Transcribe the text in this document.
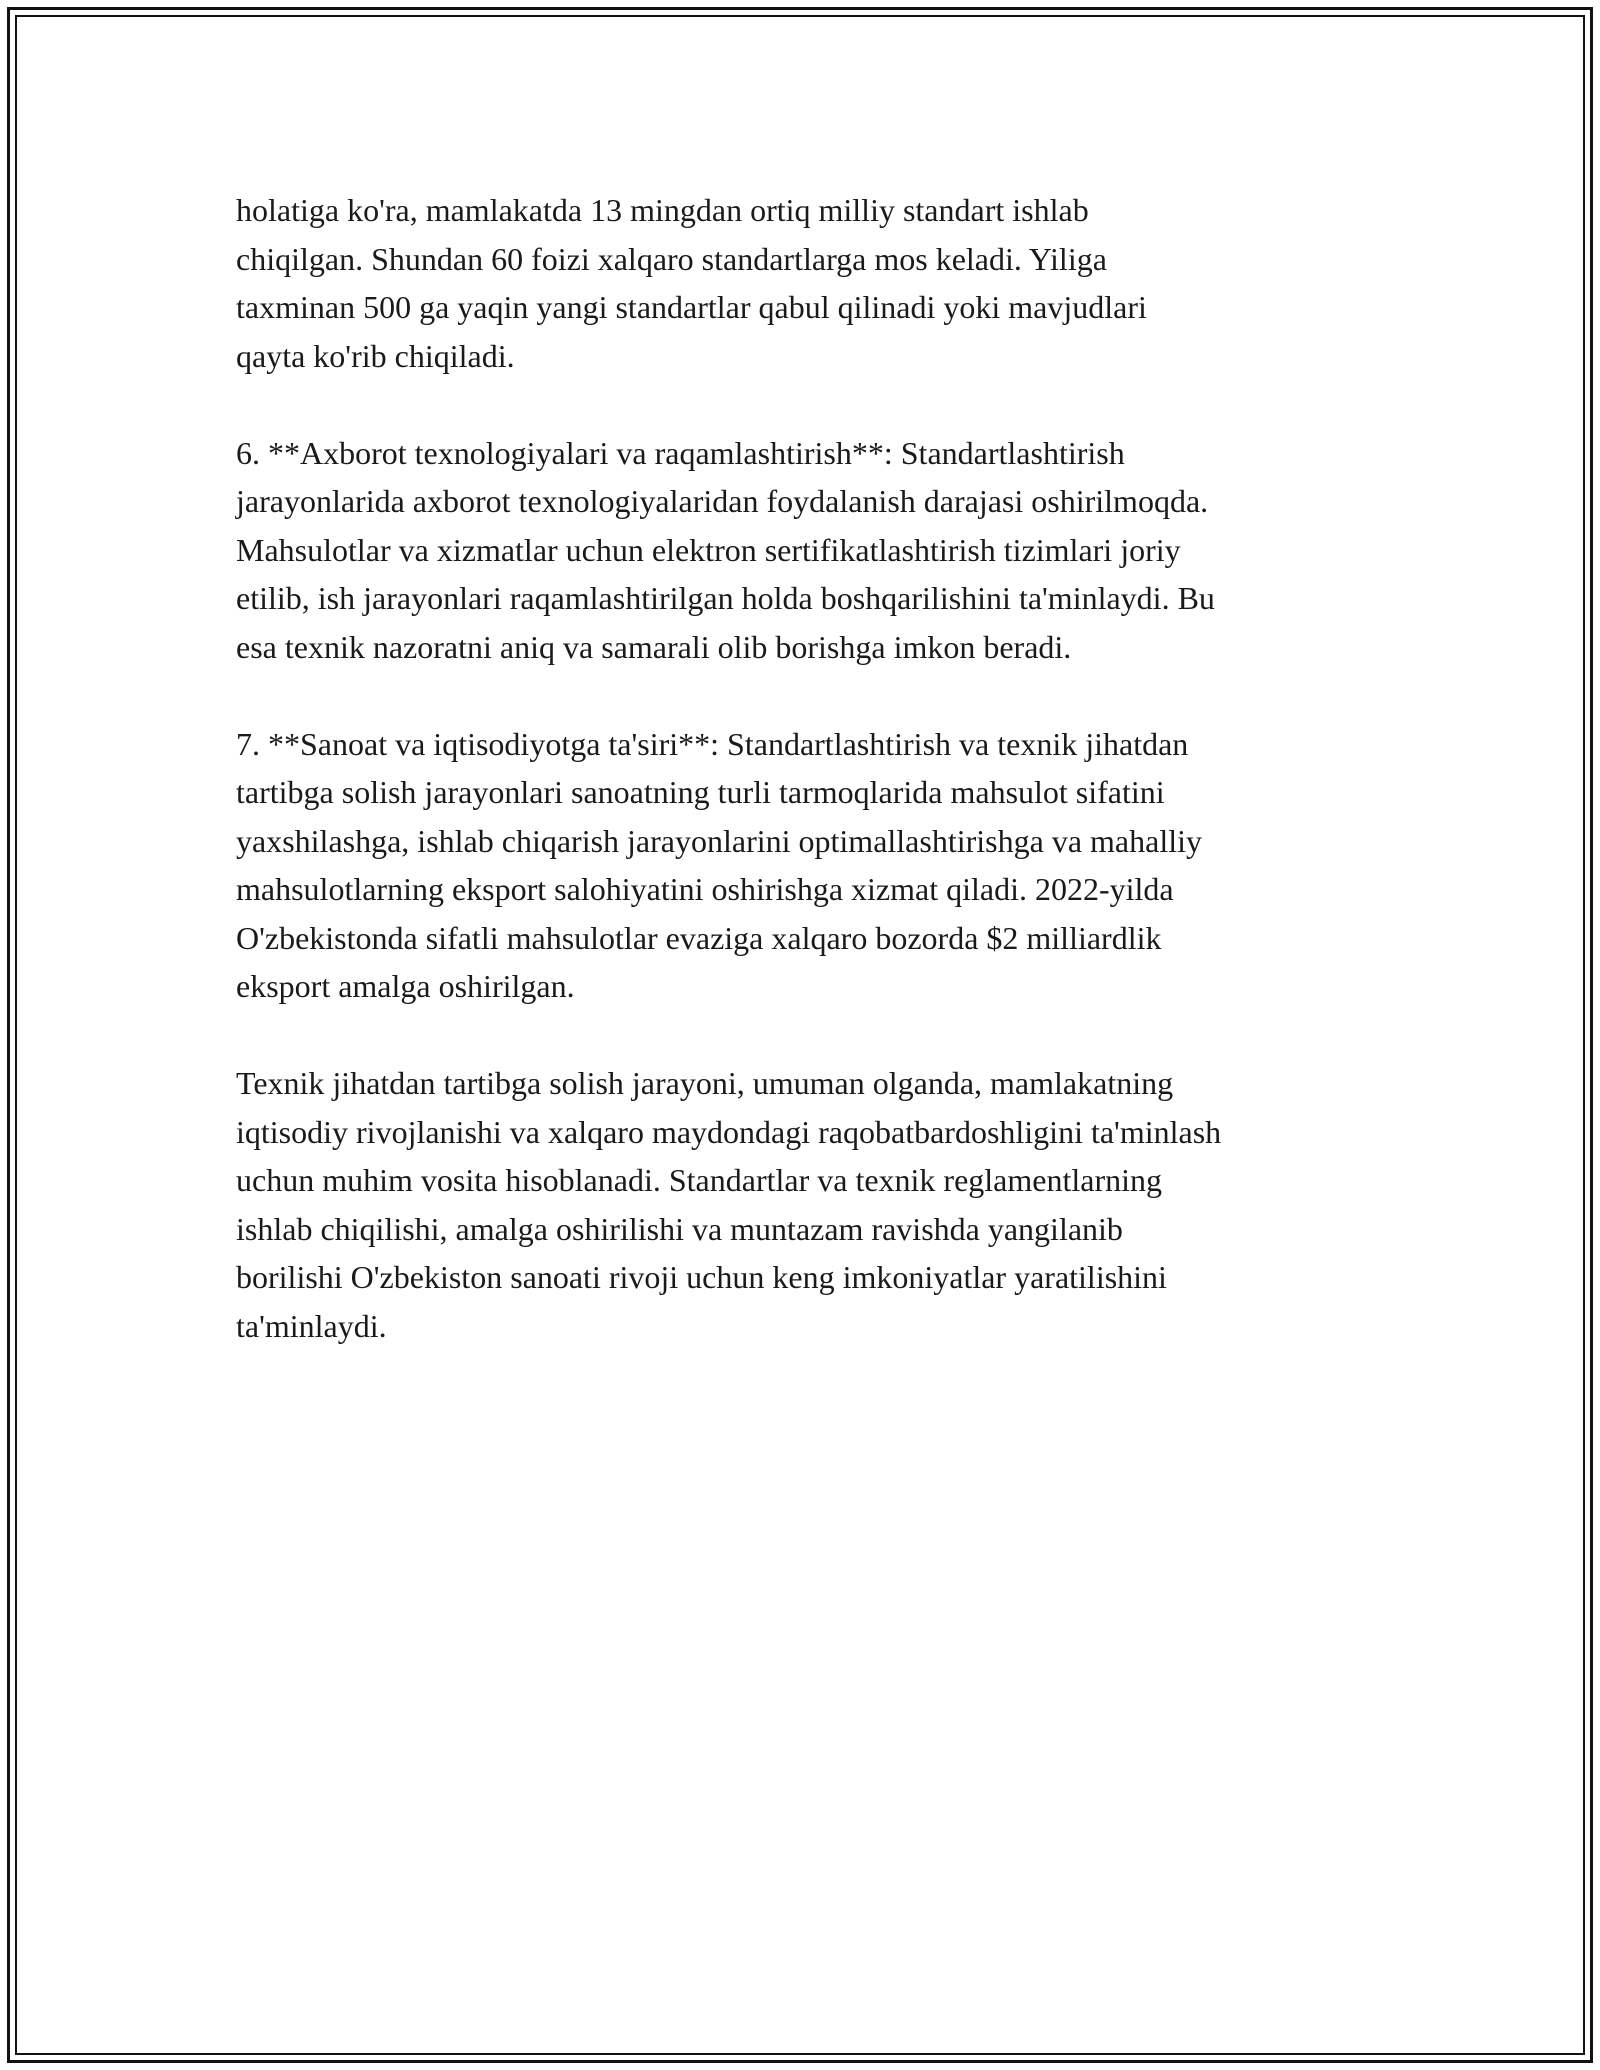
holatiga ko'ra, mamlakatda 13 mingdan ortiq milliy standart ishlab
chiqilgan. Shundan 60 foizi xalqaro standartlarga mos keladi. Yiliga
taxminan 500 ga yaqin yangi standartlar qabul qilinadi yoki mavjudlari
qayta ko'rib chiqiladi.

6. **Axborot texnologiyalari va raqamlashtirish**: Standartlashtirish
jarayonlarida axborot texnologiyalaridan foydalanish darajasi oshirilmoqda.
Mahsulotlar va xizmatlar uchun elektron sertifikatlashtirish tizimlari joriy
etilib, ish jarayonlari raqamlashtirilgan holda boshqarilishini ta'minlaydi. Bu
esa texnik nazoratni aniq va samarali olib borishga imkon beradi.

7. **Sanoat va iqtisodiyotga ta'siri**: Standartlashtirish va texnik jihatdan
tartibga solish jarayonlari sanoatning turli tarmoqlarida mahsulot sifatini
yaxshilashga, ishlab chiqarish jarayonlarini optimallashtirishga va mahalliy
mahsulotlarning eksport salohiyatini oshirishga xizmat qiladi. 2022-yilda
O'zbekistonda sifatli mahsulotlar evaziga xalqaro bozorda $2 milliardlik
eksport amalga oshirilgan.

Texnik jihatdan tartibga solish jarayoni, umuman olganda, mamlakatning
iqtisodiy rivojlanishi va xalqaro maydondagi raqobatbardoshligini ta'minlash
uchun muhim vosita hisoblanadi. Standartlar va texnik reglamentlarning
ishlab chiqilishi, amalga oshirilishi va muntazam ravishda yangilanib
borilishi O'zbekiston sanoati rivoji uchun keng imkoniyatlar yaratilishini
ta'minlaydi.
